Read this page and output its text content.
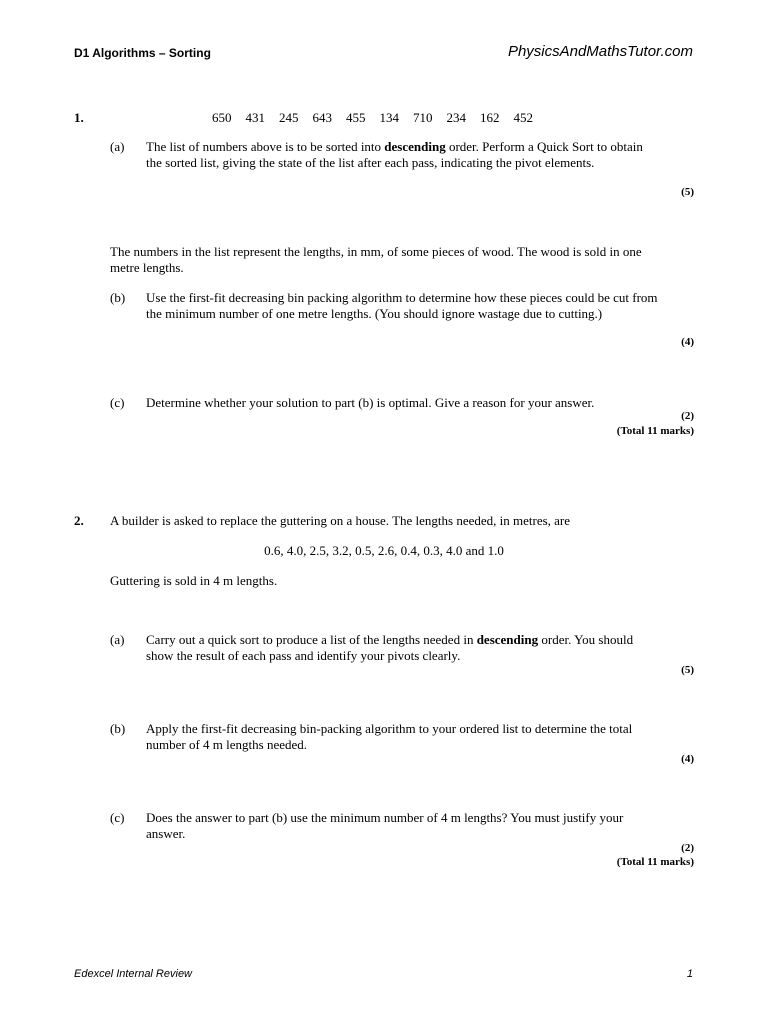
D1 Algorithms – Sorting	PhysicsAndMathsTutor.com
1.	650 431 245 643 455 134 710 234 162 452
(a) The list of numbers above is to be sorted into descending order. Perform a Quick Sort to obtain the sorted list, giving the state of the list after each pass, indicating the pivot elements.
(5)
The numbers in the list represent the lengths, in mm, of some pieces of wood. The wood is sold in one metre lengths.
(b) Use the first-fit decreasing bin packing algorithm to determine how these pieces could be cut from the minimum number of one metre lengths. (You should ignore wastage due to cutting.)
(4)
(c) Determine whether your solution to part (b) is optimal. Give a reason for your answer.
(2)
(Total 11 marks)
2. A builder is asked to replace the guttering on a house. The lengths needed, in metres, are
0.6, 4.0, 2.5, 3.2, 0.5, 2.6, 0.4, 0.3, 4.0 and 1.0
Guttering is sold in 4 m lengths.
(a) Carry out a quick sort to produce a list of the lengths needed in descending order. You should show the result of each pass and identify your pivots clearly.
(5)
(b) Apply the first-fit decreasing bin-packing algorithm to your ordered list to determine the total number of 4 m lengths needed.
(4)
(c) Does the answer to part (b) use the minimum number of 4 m lengths? You must justify your answer.
(2)
(Total 11 marks)
Edexcel Internal Review	1
